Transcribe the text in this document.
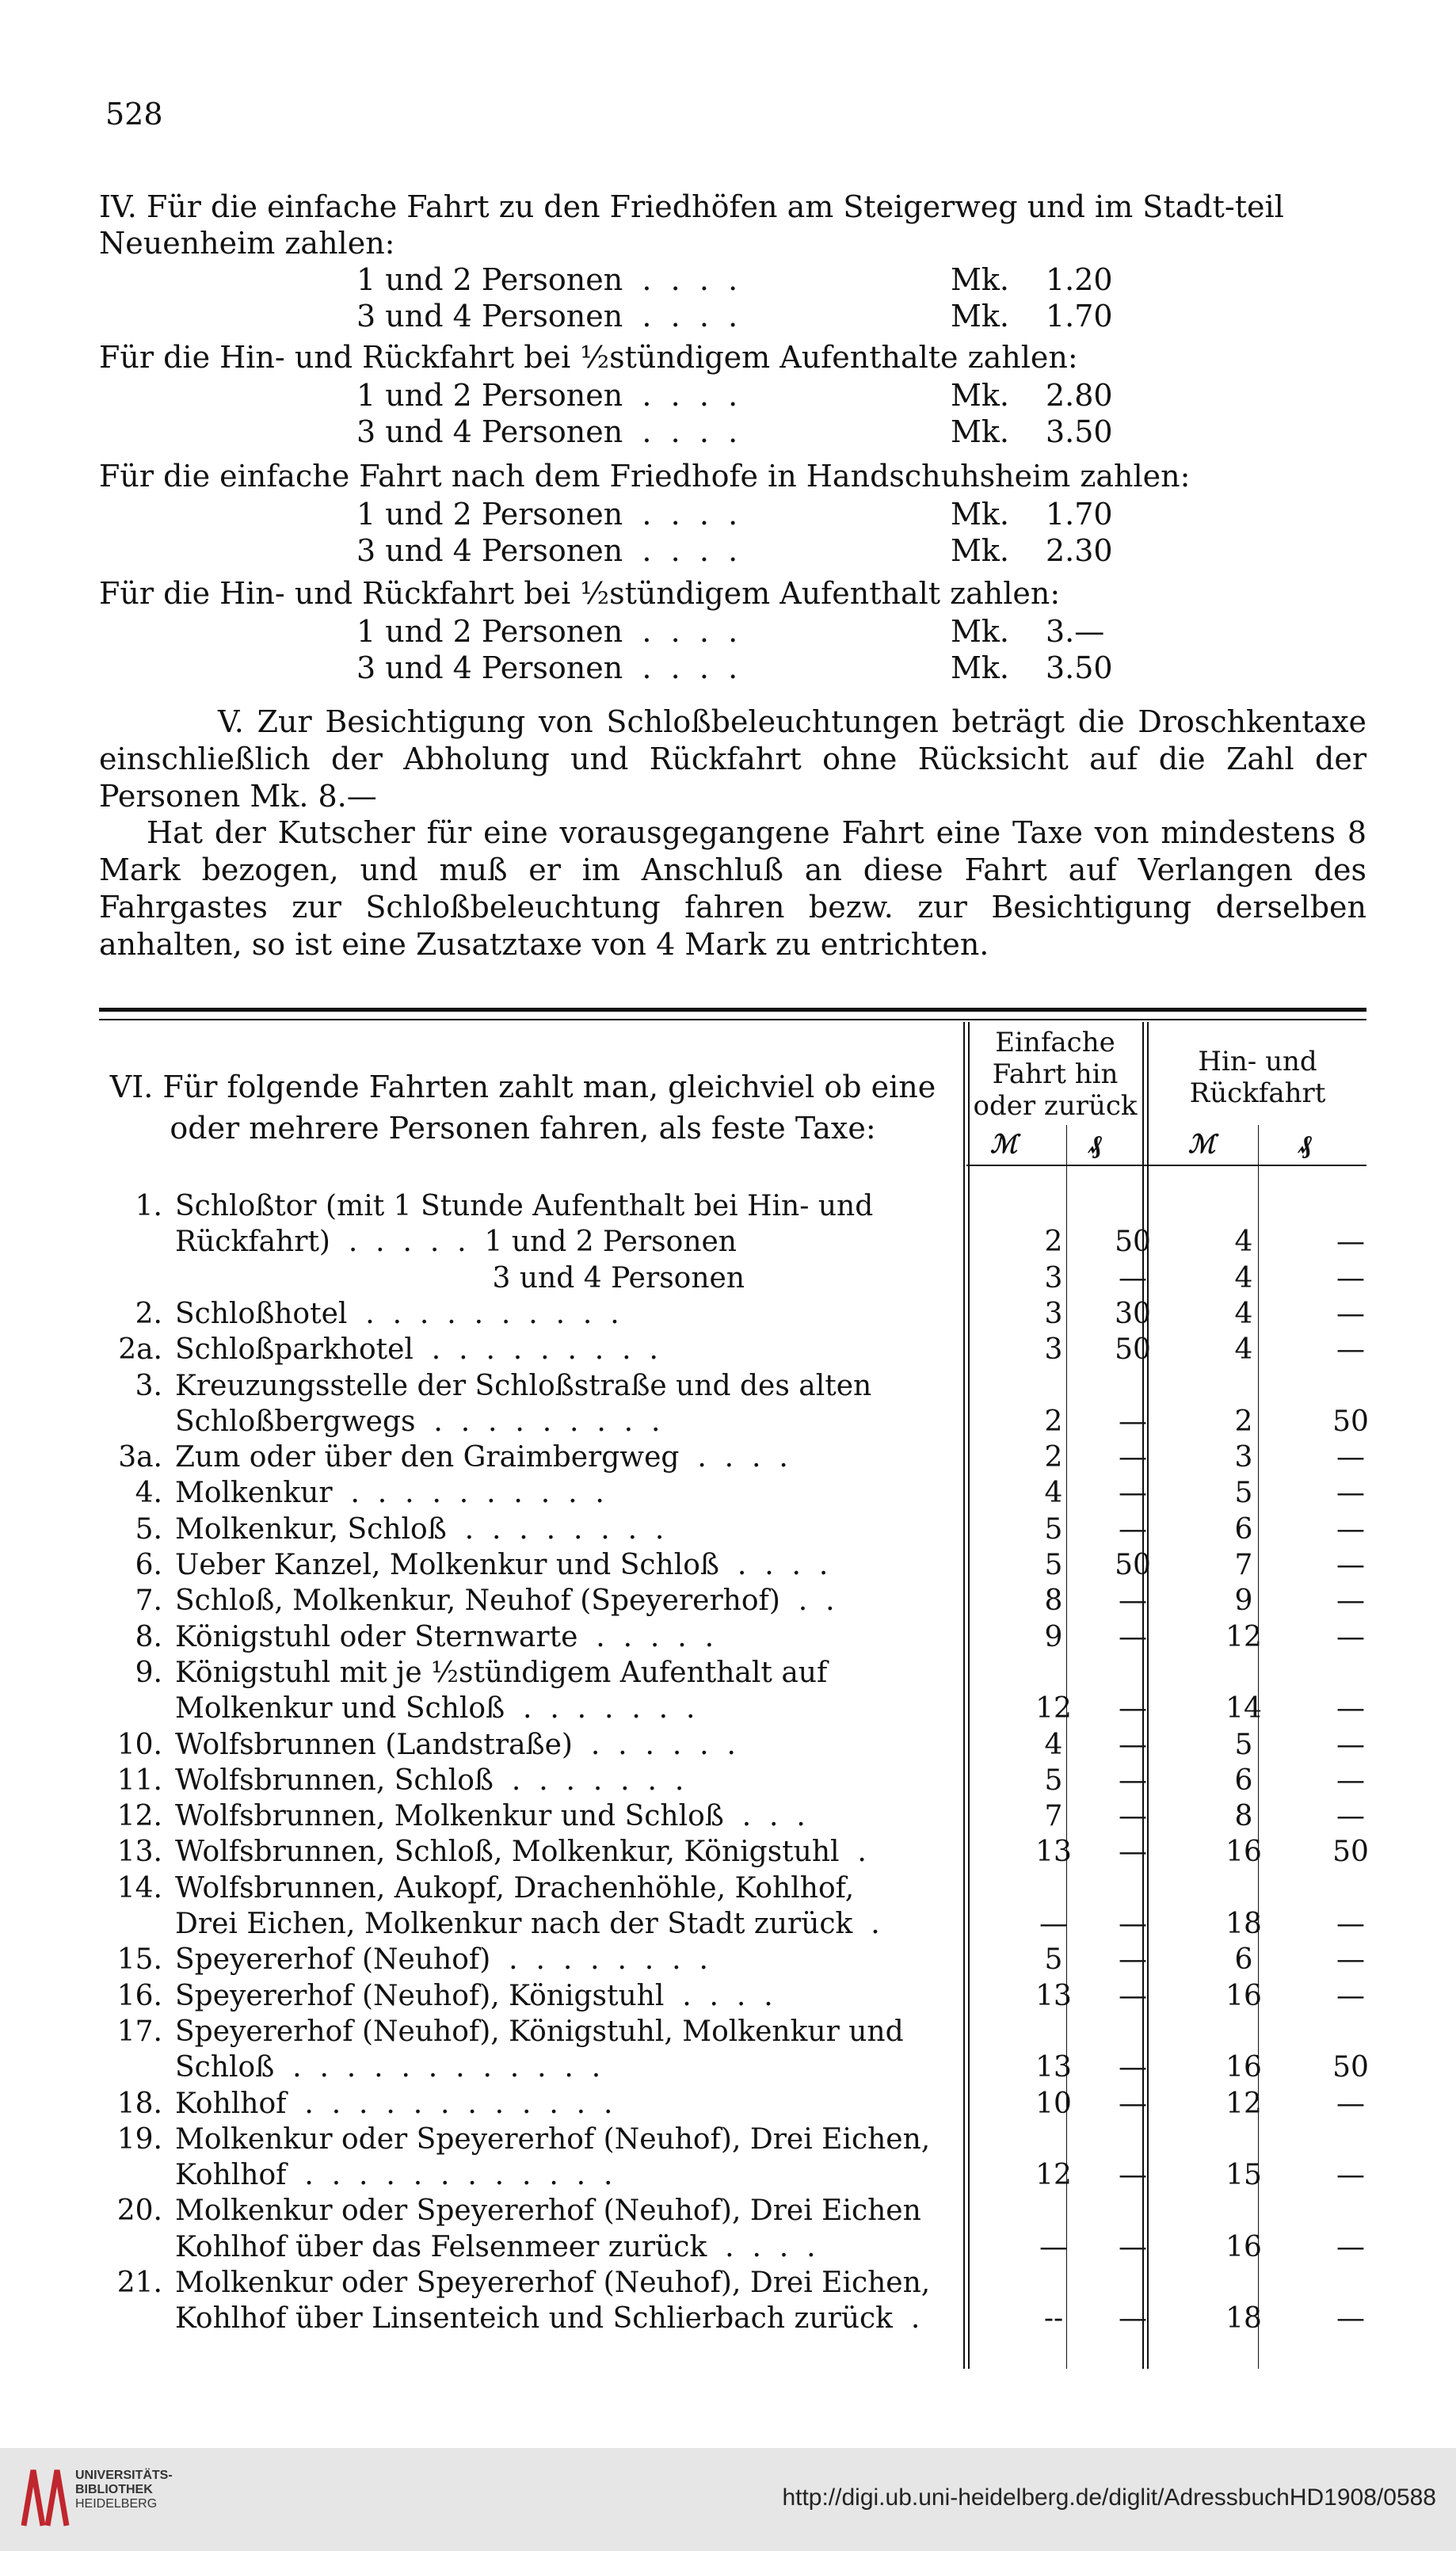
528
IV. Für die einfache Fahrt zu den Friedhöfen am Steigerweg und im Stadt-teil Neuenheim zahlen:
1 und 2 Personen  .  .  .  .	Mk. 1.20
3 und 4 Personen  .  .  .  .	Mk. 1.70
Für die Hin- und Rückfahrt bei ½stündigem Aufenthalte zahlen:
1 und 2 Personen  .  .  .  .	Mk. 2.80
3 und 4 Personen  .  .  .  .	Mk. 3.50
Für die einfache Fahrt nach dem Friedhofe in Handschuhsheim zahlen:
1 und 2 Personen  .  .  .  .	Mk. 1.70
3 und 4 Personen  .  .  .  .	Mk. 2.30
Für die Hin- und Rückfahrt bei ½stündigem Aufenthalt zahlen:
1 und 2 Personen  .  .  .  .	Mk. 3.—
3 und 4 Personen  .  .  .  .	Mk. 3.50
V. Zur Besichtigung von Schloßbeleuchtungen beträgt die Droschkentaxe einschließlich der Abholung und Rückfahrt ohne Rücksicht auf die Zahl der Personen Mk. 8.—
Hat der Kutscher für eine vorausgegangene Fahrt eine Taxe von mindestens 8 Mark bezogen, und muß er im Anschluß an diese Fahrt auf Verlangen des Fahrgastes zur Schloßbeleuchtung fahren bezw. zur Besichtigung derselben anhalten, so ist eine Zusatztaxe von 4 Mark zu entrichten.
VI. Für folgende Fahrten zahlt man, gleichviel ob eine oder mehrere Personen fahren, als feste Taxe:
Einfache Fahrt hin oder zurück
Hin- und Rückfahrt
ℳ	₰	ℳ	₰
1. Schloßtor (mit 1 Stunde Aufenthalt bei Hin- und
Rückfahrt)  .  .  .  .  .  1 und 2 Personen	2	50	4	—
3 und 4 Personen	3	—	4	—
2. Schloßhotel  .  .  .  .  .  .  .  .  .  .	3	30	4	—
2a. Schloßparkhotel  .  .  .  .  .  .  .  .  .	3	50	4	—
3. Kreuzungsstelle der Schloßstraße und des alten
Schloßbergwegs  .  .  .  .  .  .  .  .  .	2	—	2	50
3a. Zum oder über den Graimbergweg  .  .  .  .	2	—	3	—
4. Molkenkur  .  .  .  .  .  .  .  .  .  .	4	—	5	—
5. Molkenkur, Schloß  .  .  .  .  .  .  .  .	5	—	6	—
6. Ueber Kanzel, Molkenkur und Schloß  .  .  .  .	5	50	7	—
7. Schloß, Molkenkur, Neuhof (Speyererhof)  .  .	8	—	9	—
8. Königstuhl oder Sternwarte  .  .  .  .  .	9	—	12	—
9. Königstuhl mit je ½stündigem Aufenthalt auf
Molkenkur und Schloß  .  .  .  .  .  .  .	12	—	14	—
10. Wolfsbrunnen (Landstraße)  .  .  .  .  .  .	4	—	5	—
11. Wolfsbrunnen, Schloß  .  .  .  .  .  .  .	5	—	6	—
12. Wolfsbrunnen, Molkenkur und Schloß  .  .  .	7	—	8	—
13. Wolfsbrunnen, Schloß, Molkenkur, Königstuhl  .	13	—	16	50
14. Wolfsbrunnen, Aukopf, Drachenhöhle, Kohlhof,
Drei Eichen, Molkenkur nach der Stadt zurück  .	—	—	18	—
15. Speyererhof (Neuhof)  .  .  .  .  .  .  .  .	5	—	6	—
16. Speyererhof (Neuhof), Königstuhl  .  .  .  .	13	—	16	—
17. Speyererhof (Neuhof), Königstuhl, Molkenkur und
Schloß  .  .  .  .  .  .  .  .  .  .  .  .	13	—	16	50
18. Kohlhof  .  .  .  .  .  .  .  .  .  .  .  .	10	—	12	—
19. Molkenkur oder Speyererhof (Neuhof), Drei Eichen,
Kohlhof  .  .  .  .  .  .  .  .  .  .  .  .	12	—	15	—
20. Molkenkur oder Speyererhof (Neuhof), Drei Eichen
Kohlhof über das Felsenmeer zurück  .  .  .  .	—	—	16	—
21. Molkenkur oder Speyererhof (Neuhof), Drei Eichen,
Kohlhof über Linsenteich und Schlierbach zurück  .	--	—	18	—
UNIVERSITÄTS-
BIBLIOTHEK
HEIDELBERG	http://digi.ub.uni-heidelberg.de/diglit/AdressbuchHD1908/0588
